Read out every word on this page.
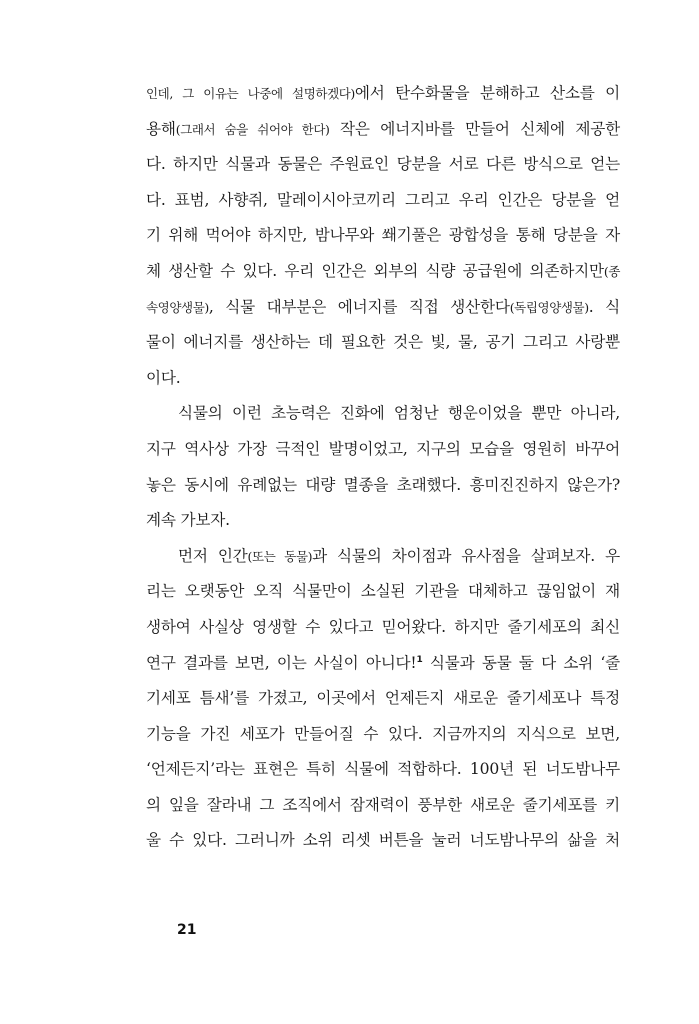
인데, 그 이유는 나중에 설명하겠다)에서 탄수화물을 분해하고 산소를 이
용해(그래서 숨을 쉬어야 한다) 작은 에너지바를 만들어 신체에 제공한
다. 하지만 식물과 동물은 주원료인 당분을 서로 다른 방식으로 얻는
다. 표범, 사향쥐, 말레이시아코끼리 그리고 우리 인간은 당분을 얻
기 위해 먹어야 하지만, 밤나무와 쐐기풀은 광합성을 통해 당분을 자
체 생산할 수 있다. 우리 인간은 외부의 식량 공급원에 의존하지만(종
속영양생물), 식물 대부분은 에너지를 직접 생산한다(독립영양생물). 식
물이 에너지를 생산하는 데 필요한 것은 빛, 물, 공기 그리고 사랑뿐
이다.
식물의 이런 초능력은 진화에 엄청난 행운이었을 뿐만 아니라,
지구 역사상 가장 극적인 발명이었고, 지구의 모습을 영원히 바꾸어
놓은 동시에 유례없는 대량 멸종을 초래했다. 흥미진진하지 않은가?
계속 가보자.
먼저 인간(또는 동물)과 식물의 차이점과 유사점을 살펴보자. 우
리는 오랫동안 오직 식물만이 소실된 기관을 대체하고 끊임없이 재
생하여 사실상 영생할 수 있다고 믿어왔다. 하지만 줄기세포의 최신
연구 결과를 보면, 이는 사실이 아니다!$^1$ 식물과 동물 둘 다 소위 ‘줄
기세포 틈새’를 가졌고, 이곳에서 언제든지 새로운 줄기세포나 특정
기능을 가진 세포가 만들어질 수 있다. 지금까지의 지식으로 보면,
‘언제든지’라는 표현은 특히 식물에 적합하다. 100년 된 너도밤나무
의 잎을 잘라내 그 조직에서 잠재력이 풍부한 새로운 줄기세포를 키
울 수 있다. 그러니까 소위 리셋 버튼을 눌러 너도밤나무의 삶을 처
21
